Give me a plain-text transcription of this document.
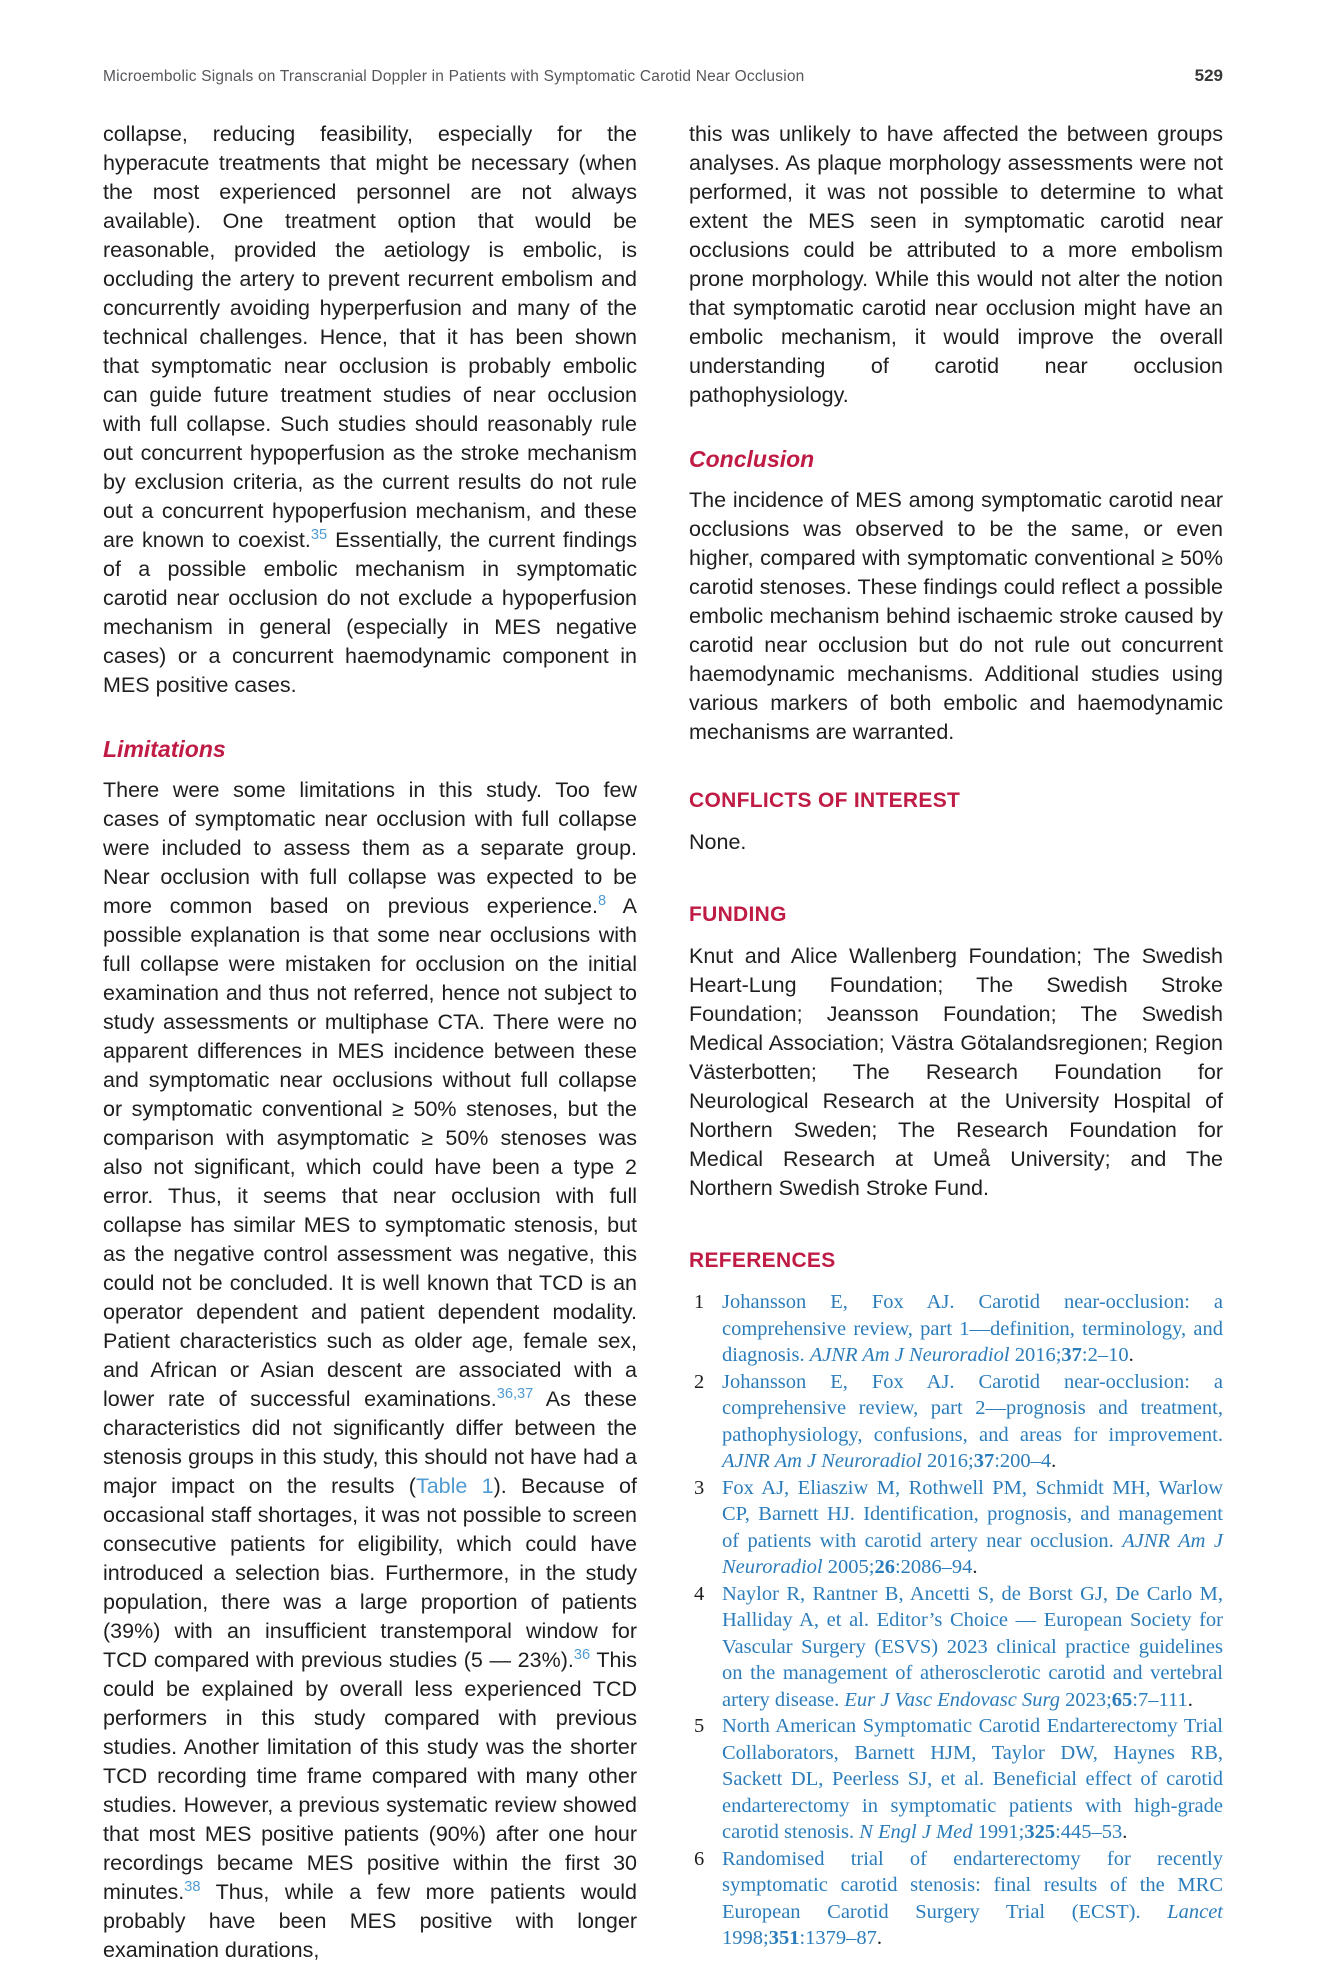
Microembolic Signals on Transcranial Doppler in Patients with Symptomatic Carotid Near Occlusion	529

collapse, reducing feasibility, especially for the hyperacute treatments that might be necessary (when the most experienced personnel are not always available). One treatment option that would be reasonable, provided the aetiology is embolic, is occluding the artery to prevent recurrent embolism and concurrently avoiding hyperperfusion and many of the technical challenges. Hence, that it has been shown that symptomatic near occlusion is probably embolic can guide future treatment studies of near occlusion with full collapse. Such studies should reasonably rule out concurrent hypoperfusion as the stroke mechanism by exclusion criteria, as the current results do not rule out a concurrent hypoperfusion mechanism, and these are known to coexist.$^{35}$ Essentially, the current findings of a possible embolic mechanism in symptomatic carotid near occlusion do not exclude a hypoperfusion mechanism in general (especially in MES negative cases) or a concurrent haemodynamic component in MES positive cases.

Limitations

There were some limitations in this study. Too few cases of symptomatic near occlusion with full collapse were included to assess them as a separate group. Near occlusion with full collapse was expected to be more common based on previous experience.$^8$ A possible explanation is that some near occlusions with full collapse were mistaken for occlusion on the initial examination and thus not referred, hence not subject to study assessments or multiphase CTA. There were no apparent differences in MES incidence between these and symptomatic near occlusions without full collapse or symptomatic conventional ≥ 50% stenoses, but the comparison with asymptomatic ≥ 50% stenoses was also not significant, which could have been a type 2 error. Thus, it seems that near occlusion with full collapse has similar MES to symptomatic stenosis, but as the negative control assessment was negative, this could not be concluded. It is well known that TCD is an operator dependent and patient dependent modality. Patient characteristics such as older age, female sex, and African or Asian descent are associated with a lower rate of successful examinations.$^{36,37}$ As these characteristics did not significantly differ between the stenosis groups in this study, this should not have had a major impact on the results (Table 1). Because of occasional staff shortages, it was not possible to screen consecutive patients for eligibility, which could have introduced a selection bias. Furthermore, in the study population, there was a large proportion of patients (39%) with an insufficient transtemporal window for TCD compared with previous studies (5 — 23%).$^{36}$ This could be explained by overall less experienced TCD performers in this study compared with previous studies. Another limitation of this study was the shorter TCD recording time frame compared with many other studies. However, a previous systematic review showed that most MES positive patients (90%) after one hour recordings became MES positive within the first 30 minutes.$^{38}$ Thus, while a few more patients would probably have been MES positive with longer examination durations,

this was unlikely to have affected the between groups analyses. As plaque morphology assessments were not performed, it was not possible to determine to what extent the MES seen in symptomatic carotid near occlusions could be attributed to a more embolism prone morphology. While this would not alter the notion that symptomatic carotid near occlusion might have an embolic mechanism, it would improve the overall understanding of carotid near occlusion pathophysiology.

Conclusion

The incidence of MES among symptomatic carotid near occlusions was observed to be the same, or even higher, compared with symptomatic conventional ≥ 50% carotid stenoses. These findings could reflect a possible embolic mechanism behind ischaemic stroke caused by carotid near occlusion but do not rule out concurrent haemodynamic mechanisms. Additional studies using various markers of both embolic and haemodynamic mechanisms are warranted.

CONFLICTS OF INTEREST

None.

FUNDING

Knut and Alice Wallenberg Foundation; The Swedish Heart-Lung Foundation; The Swedish Stroke Foundation; Jeansson Foundation; The Swedish Medical Association; Västra Götalandsregionen; Region Västerbotten; The Research Foundation for Neurological Research at the University Hospital of Northern Sweden; The Research Foundation for Medical Research at Umeå University; and The Northern Swedish Stroke Fund.

REFERENCES
1 Johansson E, Fox AJ. Carotid near-occlusion: a comprehensive review, part 1—definition, terminology, and diagnosis. AJNR Am J Neuroradiol 2016;37:2–10.
2 Johansson E, Fox AJ. Carotid near-occlusion: a comprehensive review, part 2—prognosis and treatment, pathophysiology, confusions, and areas for improvement. AJNR Am J Neuroradiol 2016;37:200–4.
3 Fox AJ, Eliasziw M, Rothwell PM, Schmidt MH, Warlow CP, Barnett HJ. Identification, prognosis, and management of patients with carotid artery near occlusion. AJNR Am J Neuroradiol 2005;26:2086–94.
4 Naylor R, Rantner B, Ancetti S, de Borst GJ, De Carlo M, Halliday A, et al. Editor’s Choice — European Society for Vascular Surgery (ESVS) 2023 clinical practice guidelines on the management of atherosclerotic carotid and vertebral artery disease. Eur J Vasc Endovasc Surg 2023;65:7–111.
5 North American Symptomatic Carotid Endarterectomy Trial Collaborators, Barnett HJM, Taylor DW, Haynes RB, Sackett DL, Peerless SJ, et al. Beneficial effect of carotid endarterectomy in symptomatic patients with high-grade carotid stenosis. N Engl J Med 1991;325:445–53.
6 Randomised trial of endarterectomy for recently symptomatic carotid stenosis: final results of the MRC European Carotid Surgery Trial (ECST). Lancet 1998;351:1379–87.
